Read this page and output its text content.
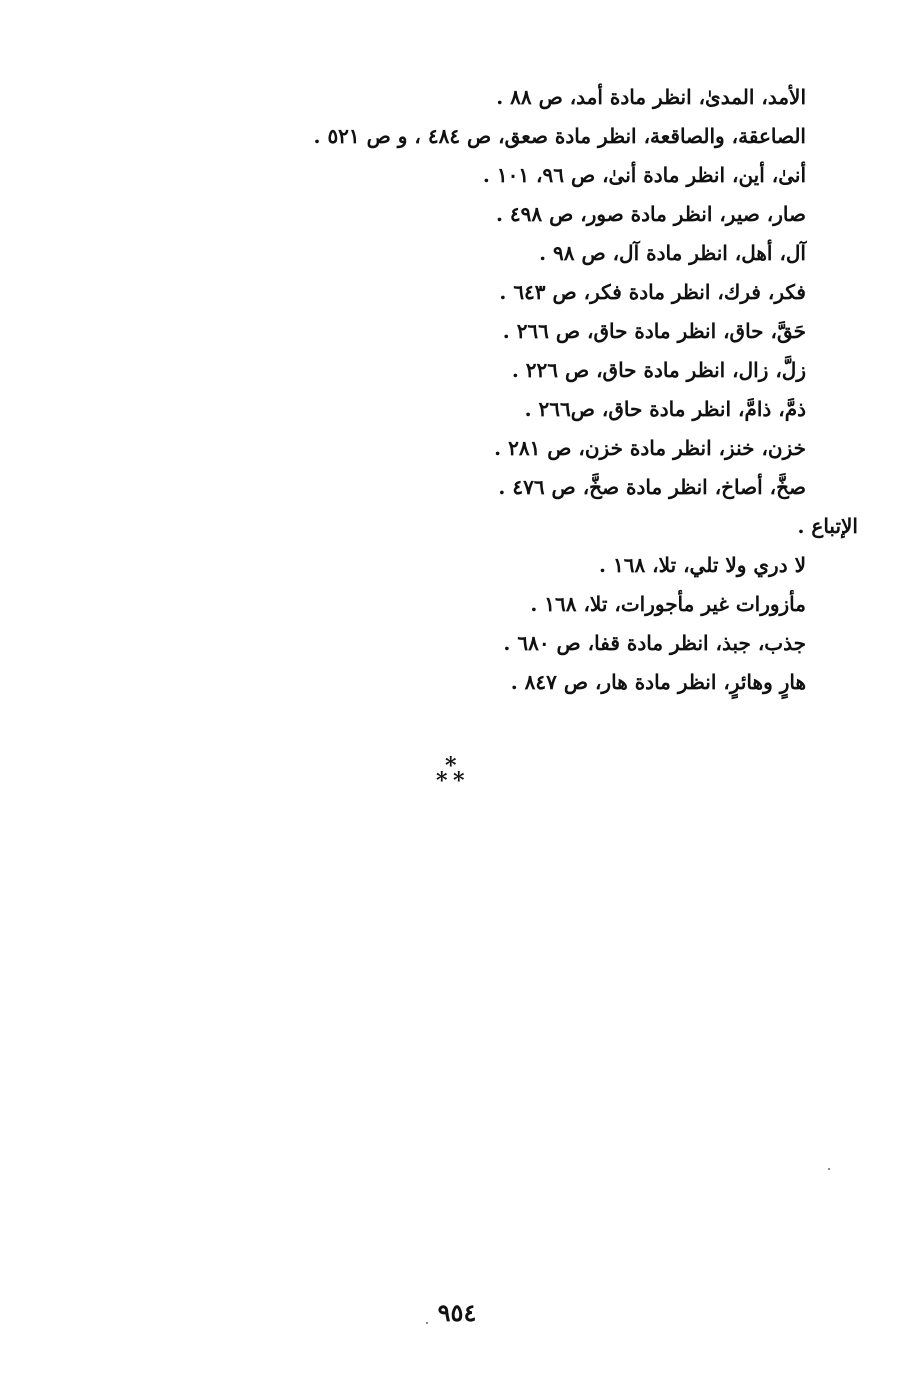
الأمد، المدىٰ، انظر مادة أمد، ص ٨٨ .
الصاعقة، والصاقعة، انظر مادة صعق، ص ٤٨٤ ، و ص ٥٢١ .
أنىٰ، أين، انظر مادة أنىٰ، ص ٩٦، ١٠١ .
صار، صير، انظر مادة صور، ص ٤٩٨ .
آل، أهل، انظر مادة آل، ص ٩٨ .
فكر، فرك، انظر مادة فكر، ص ٦٤٣ .
حَقَّ، حاق، انظر مادة حاق، ص ٢٦٦ .
زلَّ، زال، انظر مادة حاق، ص ٢٢٦ .
ذمَّ، ذامَّ، انظر مادة حاق، ص٢٦٦ .
خزن، خنز، انظر مادة خزن، ص ٢٨١ .
صخَّ، أصاخ، انظر مادة صخَّ، ص ٤٧٦ .
الإتباع .
لا دري ولا تلي، تلا، ١٦٨ .
مأزورات غير مأجورات، تلا، ١٦٨ .
جذب، جبذ، انظر مادة قفا، ص ٦٨٠ .
هارٍ وهائرٍ، انظر مادة هار، ص ٨٤٧ .
*
* *
٩٥٤
